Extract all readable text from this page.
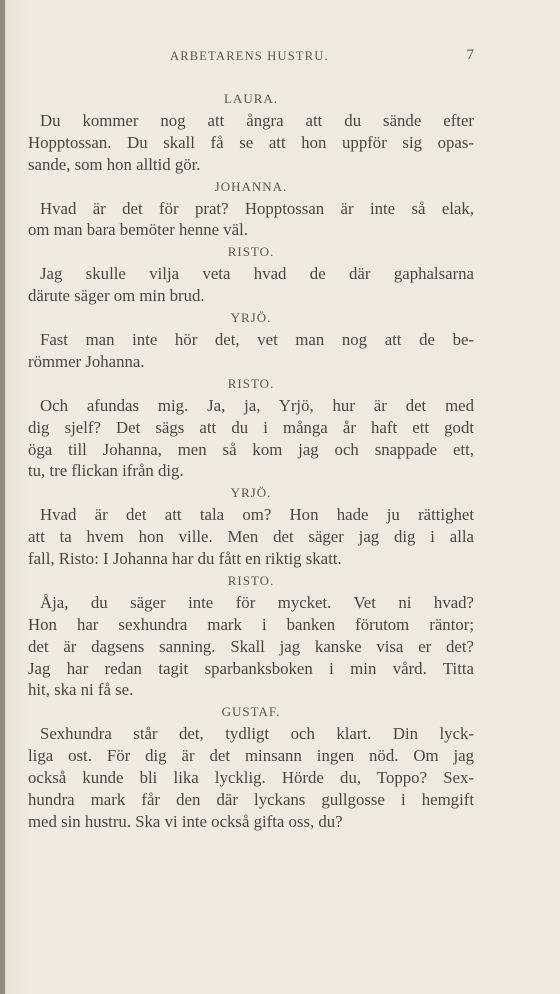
ARBETARENS HUSTRU.	7
LAURA.
Du kommer nog att ångra att du sände efter
Hopptossan. Du skall få se att hon uppför sig opas-
sande, som hon alltid gör.
JOHANNA.
Hvad är det för prat? Hopptossan är inte så elak,
om man bara bemöter henne väl.
RISTO.
Jag skulle vilja veta hvad de där gaphalsarna
därute säger om min brud.
YRJÖ.
Fast man inte hör det, vet man nog att de be-
römmer Johanna.
RISTO.
Och afundas mig. Ja, ja, Yrjö, hur är det med
dig sjelf? Det sägs att du i många år haft ett godt
öga till Johanna, men så kom jag och snappade ett,
tu, tre flickan ifrån dig.
YRJÖ.
Hvad är det att tala om? Hon hade ju rättighet
att ta hvem hon ville. Men det säger jag dig i alla
fall, Risto: I Johanna har du fått en riktig skatt.
RISTO.
Åja, du säger inte för mycket. Vet ni hvad?
Hon har sexhundra mark i banken förutom räntor;
det är dagsens sanning. Skall jag kanske visa er det?
Jag har redan tagit sparbanksboken i min vård. Titta
hit, ska ni få se.
GUSTAF.
Sexhundra står det, tydligt och klart. Din lyck-
liga ost. För dig är det minsann ingen nöd. Om jag
också kunde bli lika lycklig. Hörde du, Toppo? Sex-
hundra mark får den där lyckans gullgosse i hemgift
med sin hustru. Ska vi inte också gifta oss, du?
